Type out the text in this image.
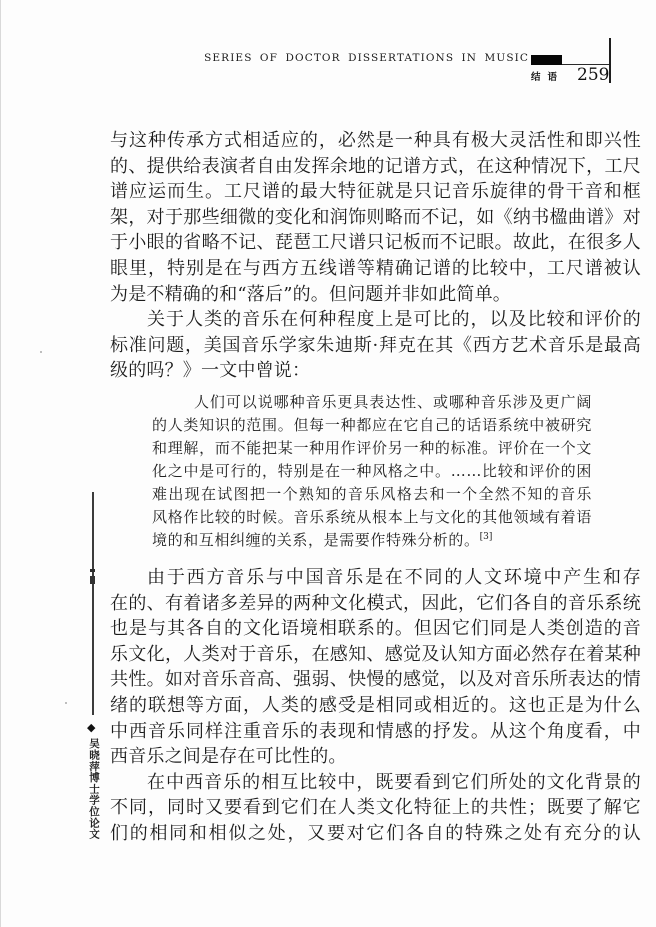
SERIES OF DOCTOR DISSERTATIONS IN MUSIC
结语 259
◆
吴晓萍博士学位论文
与这种传承方式相适应的，必然是一种具有极大灵活性和即兴性
的、提供给表演者自由发挥余地的记谱方式，在这种情况下，工尺
谱应运而生。工尺谱的最大特征就是只记音乐旋律的骨干音和框
架，对于那些细微的变化和润饰则略而不记，如《纳书楹曲谱》对
于小眼的省略不记、琵琶工尺谱只记板而不记眼。故此，在很多人
眼里，特别是在与西方五线谱等精确记谱的比较中，工尺谱被认
为是不精确的和“落后”的。但问题并非如此简单。
关于人类的音乐在何种程度上是可比的，以及比较和评价的
标准问题，美国音乐学家朱迪斯·拜克在其《西方艺术音乐是最高
级的吗？》一文中曾说：
人们可以说哪种音乐更具表达性、或哪种音乐涉及更广阔
的人类知识的范围。但每一种都应在它自己的话语系统中被研究
和理解，而不能把某一种用作评价另一种的标准。评价在一个文
化之中是可行的，特别是在一种风格之中。……比较和评价的困
难出现在试图把一个熟知的音乐风格去和一个全然不知的音乐
风格作比较的时候。音乐系统从根本上与文化的其他领域有着语
境的和互相纠缠的关系，是需要作特殊分析的。[3]
由于西方音乐与中国音乐是在不同的人文环境中产生和存
在的、有着诸多差异的两种文化模式，因此，它们各自的音乐系统
也是与其各自的文化语境相联系的。但因它们同是人类创造的音
乐文化，人类对于音乐，在感知、感觉及认知方面必然存在着某种
共性。如对音乐音高、强弱、快慢的感觉，以及对音乐所表达的情
绪的联想等方面，人类的感受是相同或相近的。这也正是为什么
中西音乐同样注重音乐的表现和情感的抒发。从这个角度看，中
西音乐之间是存在可比性的。
在中西音乐的相互比较中，既要看到它们所处的文化背景的
不同，同时又要看到它们在人类文化特征上的共性；既要了解它
们的相同和相似之处，又要对它们各自的特殊之处有充分的认
